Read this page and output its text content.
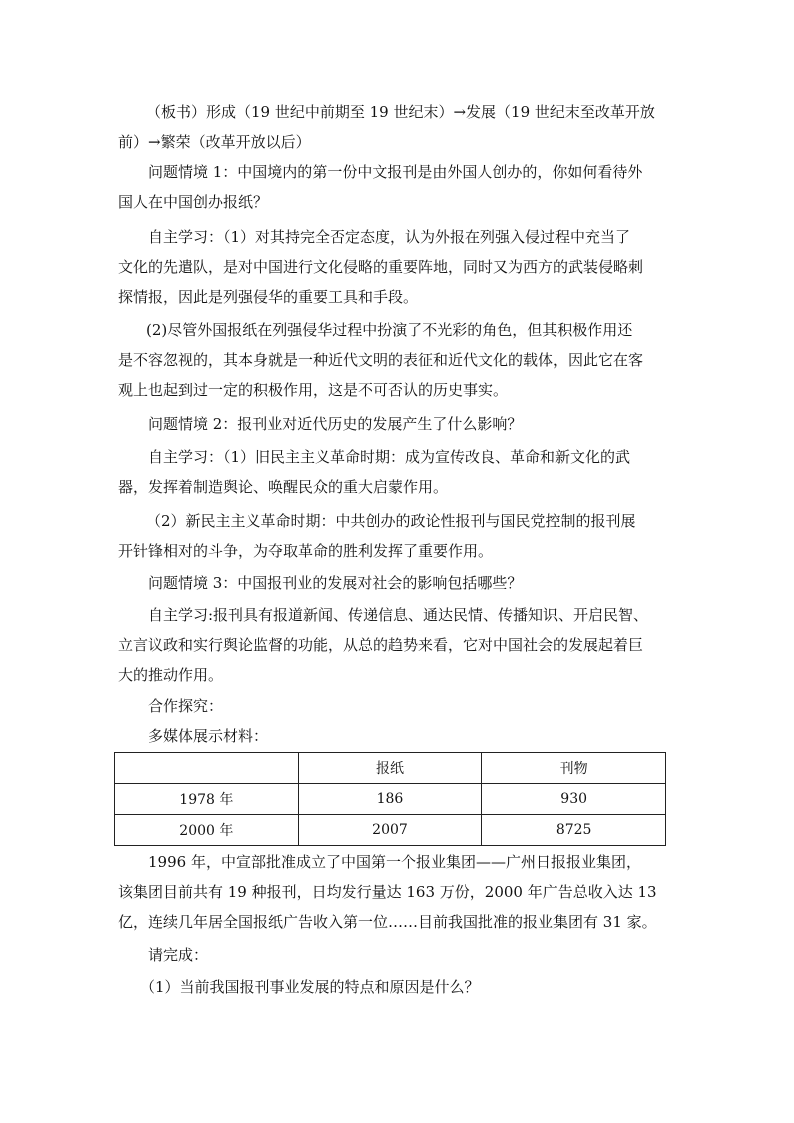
（板书）形成（19 世纪中前期至 19 世纪末）→发展（19 世纪末至改革开放

前）→繁荣（改革开放以后）

问题情境 1：中国境内的第一份中文报刊是由外国人创办的，你如何看待外

国人在中国创办报纸？

自主学习：（1）对其持完全否定态度，认为外报在列强入侵过程中充当了

文化的先遣队，是对中国进行文化侵略的重要阵地，同时又为西方的武装侵略刺

探情报，因此是列强侵华的重要工具和手段。

(2)尽管外国报纸在列强侵华过程中扮演了不光彩的角色，但其积极作用还

是不容忽视的，其本身就是一种近代文明的表征和近代文化的载体，因此它在客

观上也起到过一定的积极作用，这是不可否认的历史事实。

问题情境 2：报刊业对近代历史的发展产生了什么影响？

自主学习：（1）旧民主主义革命时期：成为宣传改良、革命和新文化的武

器，发挥着制造舆论、唤醒民众的重大启蒙作用。

（2）新民主主义革命时期：中共创办的政论性报刊与国民党控制的报刊展

开针锋相对的斗争，为夺取革命的胜利发挥了重要作用。

问题情境 3：中国报刊业的发展对社会的影响包括哪些？

自主学习:报刊具有报道新闻、传递信息、通达民情、传播知识、开启民智、

立言议政和实行舆论监督的功能，从总的趋势来看，它对中国社会的发展起着巨

大的推动作用。

合作探究：

多媒体展示材料：

	报纸	刊物
1978 年	186	930
2000 年	2007	8725

1996 年，中宣部批准成立了中国第一个报业集团——广州日报报业集团，

该集团目前共有 19 种报刊，日均发行量达 163 万份，2000 年广告总收入达 13

亿，连续几年居全国报纸广告收入第一位……目前我国批准的报业集团有 31 家。

请完成：

（1）当前我国报刊事业发展的特点和原因是什么？
